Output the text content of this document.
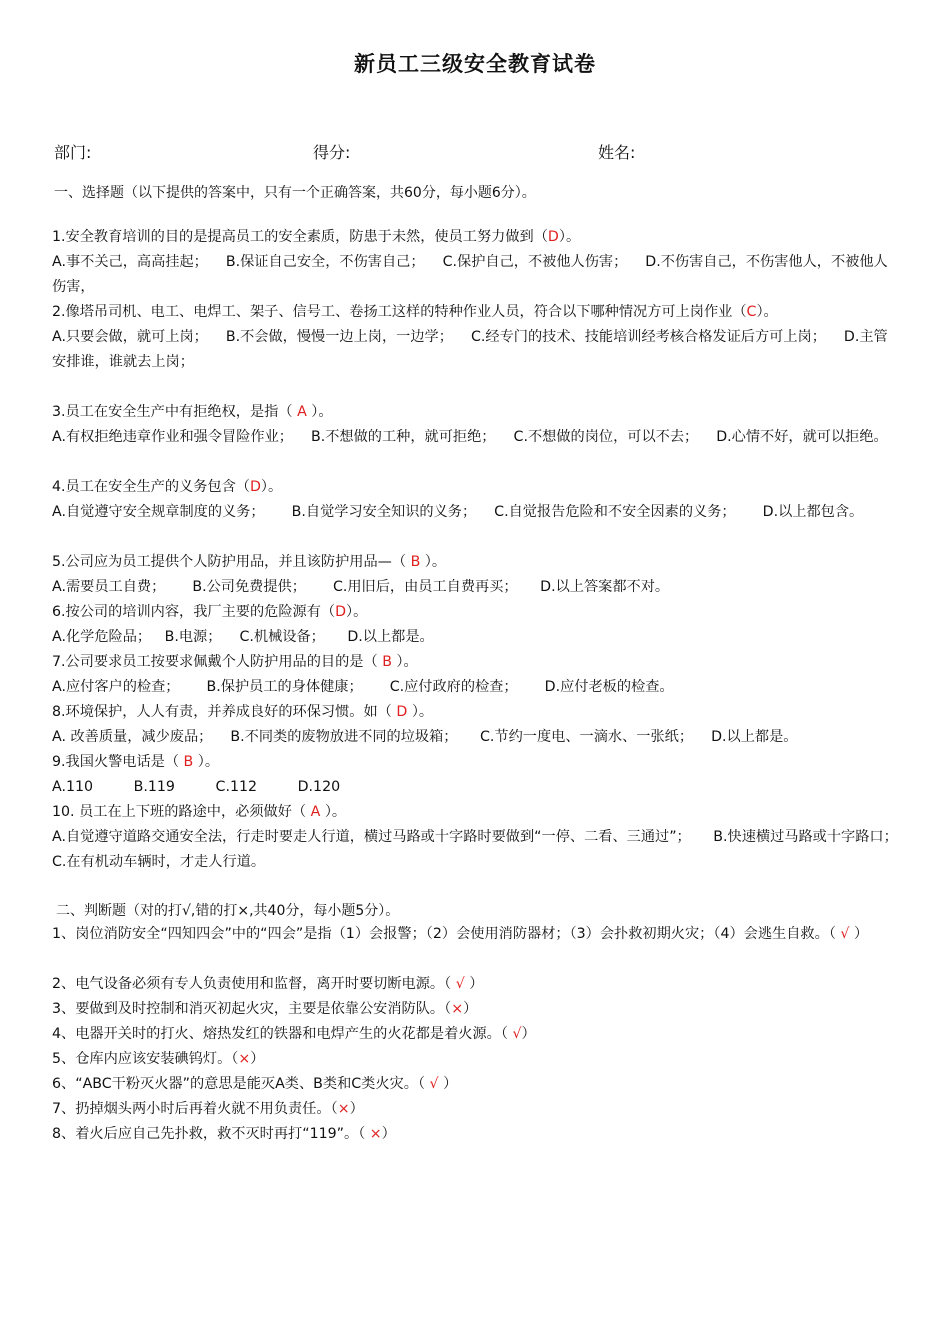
新员工三级安全教育试卷
部门:	得分:	姓名:
一、选择题（以下提供的答案中，只有一个正确答案，共60分，每小题6分）。
1.安全教育培训的目的是提高员工的安全素质，防患于未然，使员工努力做到（D）。
A.事不关己，高高挂起；    B.保证自己安全，不伤害自己；    C.保护自己，不被他人伤害；    D.不伤害自己，不伤害他人，不被他人伤害，
2.像塔吊司机、电工、电焊工、架子、信号工、卷扬工这样的特种作业人员，符合以下哪种情况方可上岗作业（C）。
A.只要会做，就可上岗；    B.不会做，慢慢一边上岗，一边学；    C.经专门的技术、技能培训经考核合格发证后方可上岗；    D.主管安排谁，谁就去上岗；
3.员工在安全生产中有拒绝权，是指（ A ）。
A.有权拒绝违章作业和强令冒险作业；    B.不想做的工种，就可拒绝；    C.不想做的岗位，可以不去；    D.心情不好，就可以拒绝。
4.员工在安全生产的义务包含（D）。
A.自觉遵守安全规章制度的义务；      B.自觉学习安全知识的义务；    C.自觉报告危险和不安全因素的义务；      D.以上都包含。
5.公司应为员工提供个人防护用品，并且该防护用品—（ B ）。
A.需要员工自费；      B.公司免费提供；      C.用旧后，由员工自费再买；     D.以上答案都不对。
6.按公司的培训内容，我厂主要的危险源有（D）。
A.化学危险品；   B.电源；    C.机械设备；     D.以上都是。
7.公司要求员工按要求佩戴个人防护用品的目的是（ B ）。
A.应付客户的检查；      B.保护员工的身体健康；      C.应付政府的检查；      D.应付老板的检查。
8.环境保护，人人有责，并养成良好的环保习惯。如（ D ）。
A. 改善质量，减少废品；    B.不同类的废物放进不同的垃圾箱；     C.节约一度电、一滴水、一张纸；    D.以上都是。
9.我国火警电话是（ B ）。
A.110         B.119         C.112         D.120
10. 员工在上下班的路途中，必须做好（ A ）。
A.自觉遵守道路交通安全法，行走时要走人行道，横过马路或十字路时要做到“一停、二看、三通过”；     B.快速横过马路或十字路口；     C.在有机动车辆时，才走人行道。
二、判断题（对的打√,错的打×,共40分，每小题5分）。
1、岗位消防安全“四知四会”中的“四会”是指（1）会报警；（2）会使用消防器材；（3）会扑救初期火灾；（4）会逃生自救。（ √ ）
2、电气设备必须有专人负责使用和监督，离开时要切断电源。（ √ ）
3、要做到及时控制和消灭初起火灾，主要是依靠公安消防队。（×）
4、电器开关时的打火、熔热发红的铁器和电焊产生的火花都是着火源。（ √）
5、仓库内应该安装碘钨灯。（×）
6、“ABC干粉灭火器”的意思是能灭A类、B类和C类火灾。（ √ ）
7、扔掉烟头两小时后再着火就不用负责任。（×）
8、着火后应自己先扑救，救不灭时再打“119”。（ ×）
